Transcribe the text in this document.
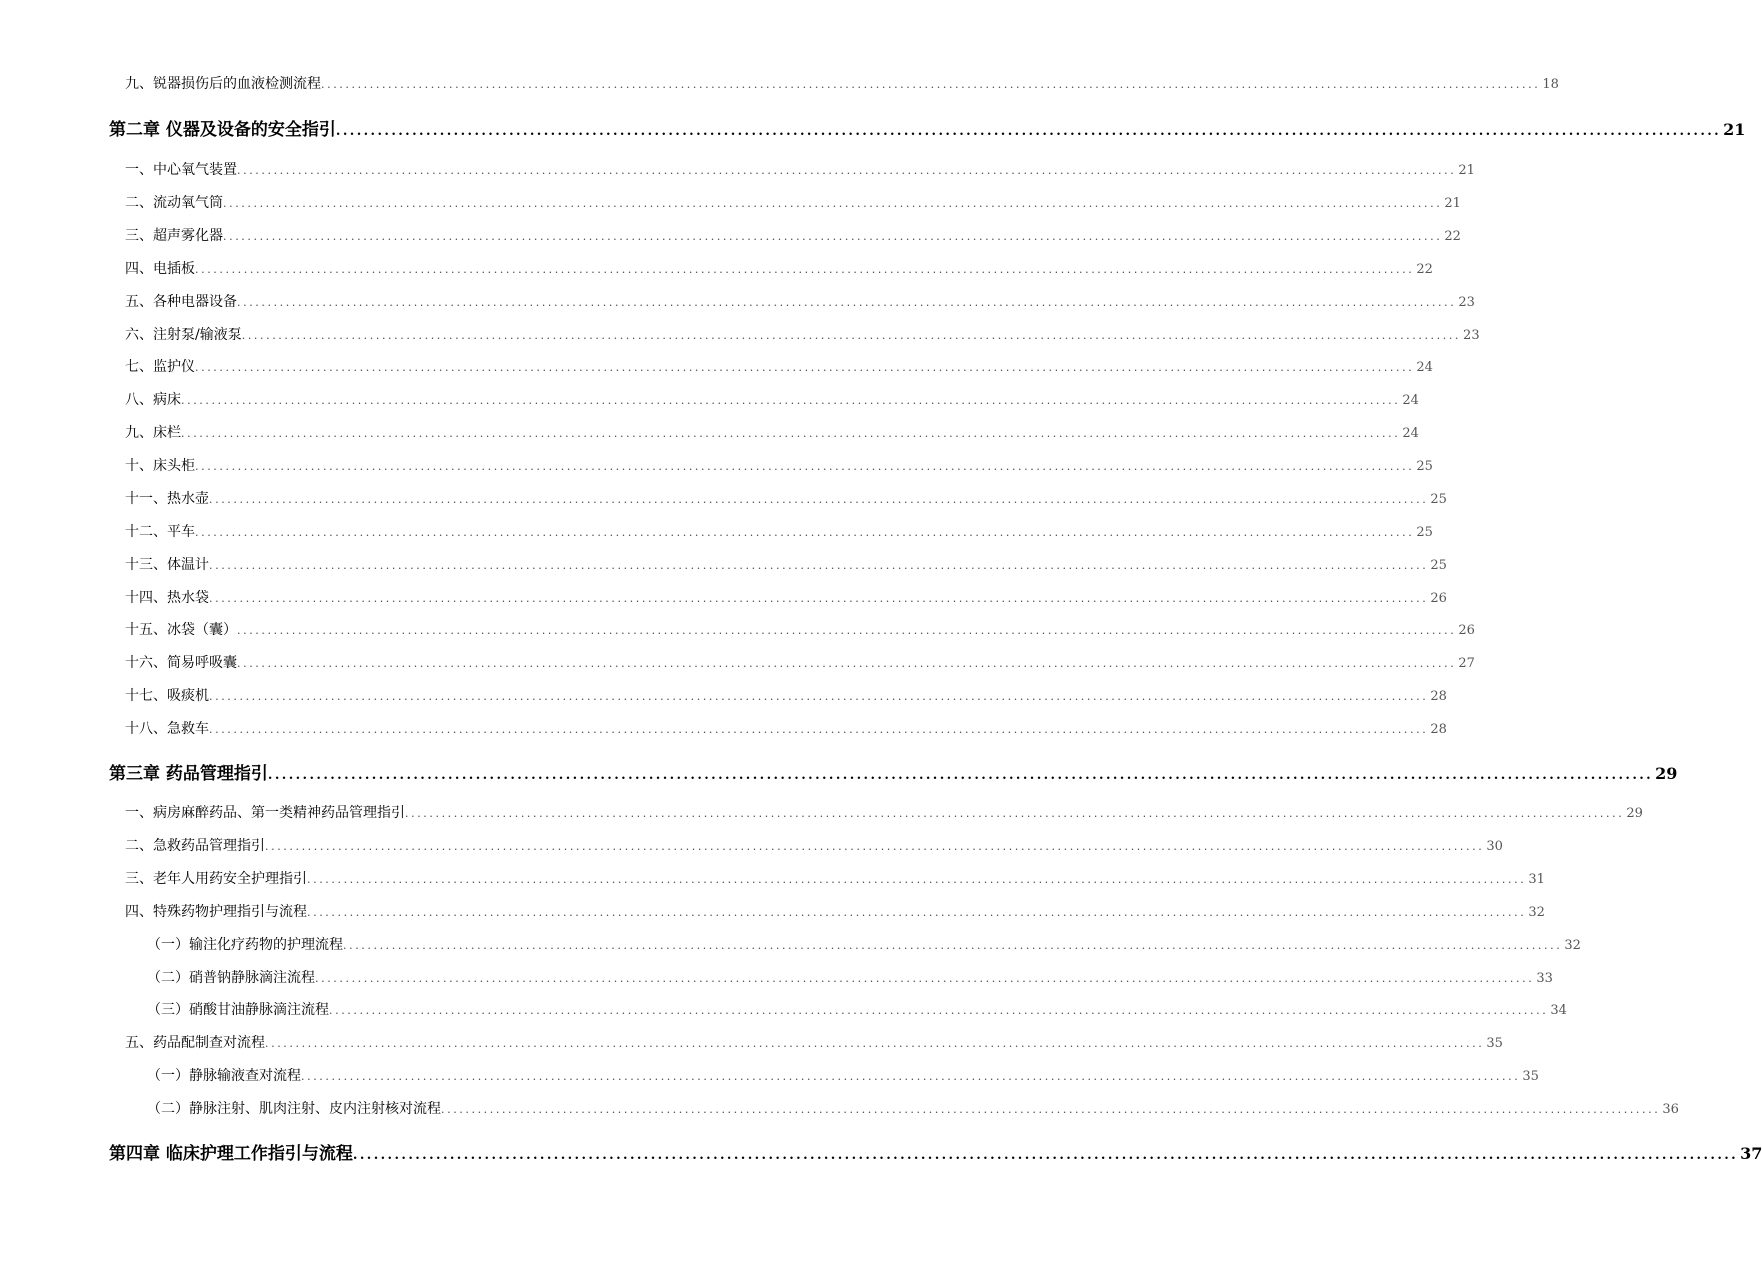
九、锐器损伤后的血液检测流程 ........................................................................................................................................................................................................ 18
第二章 仪器及设备的安全指引 ........................................................................................................................................................................................................ 21
一、中心氧气装置 ........................................................................................................................................................................................................ 21
二、流动氧气筒 ........................................................................................................................................................................................................ 21
三、超声雾化器 ........................................................................................................................................................................................................ 22
四、电插板 ........................................................................................................................................................................................................ 22
五、各种电器设备 ........................................................................................................................................................................................................ 23
六、注射泵/输液泵 ........................................................................................................................................................................................................ 23
七、监护仪 ........................................................................................................................................................................................................ 24
八、病床 ........................................................................................................................................................................................................ 24
九、床栏 ........................................................................................................................................................................................................ 24
十、床头柜 ........................................................................................................................................................................................................ 25
十一、热水壶 ........................................................................................................................................................................................................ 25
十二、平车 ........................................................................................................................................................................................................ 25
十三、体温计 ........................................................................................................................................................................................................ 25
十四、热水袋 ........................................................................................................................................................................................................ 26
十五、冰袋（囊） ........................................................................................................................................................................................................ 26
十六、简易呼吸囊 ........................................................................................................................................................................................................ 27
十七、吸痰机 ........................................................................................................................................................................................................ 28
十八、急救车 ........................................................................................................................................................................................................ 28
第三章 药品管理指引 ........................................................................................................................................................................................................ 29
一、病房麻醉药品、第一类精神药品管理指引 ........................................................................................................................................................................................................ 29
二、急救药品管理指引 ........................................................................................................................................................................................................ 30
三、老年人用药安全护理指引 ........................................................................................................................................................................................................ 31
四、特殊药物护理指引与流程 ........................................................................................................................................................................................................ 32
（一）输注化疗药物的护理流程 ........................................................................................................................................................................................................ 32
（二）硝普钠静脉滴注流程 ........................................................................................................................................................................................................ 33
（三）硝酸甘油静脉滴注流程 ........................................................................................................................................................................................................ 34
五、药品配制查对流程 ........................................................................................................................................................................................................ 35
（一）静脉输液查对流程 ........................................................................................................................................................................................................ 35
（二）静脉注射、肌肉注射、皮内注射核对流程 ........................................................................................................................................................................................................ 36
第四章 临床护理工作指引与流程 ........................................................................................................................................................................................................ 37
